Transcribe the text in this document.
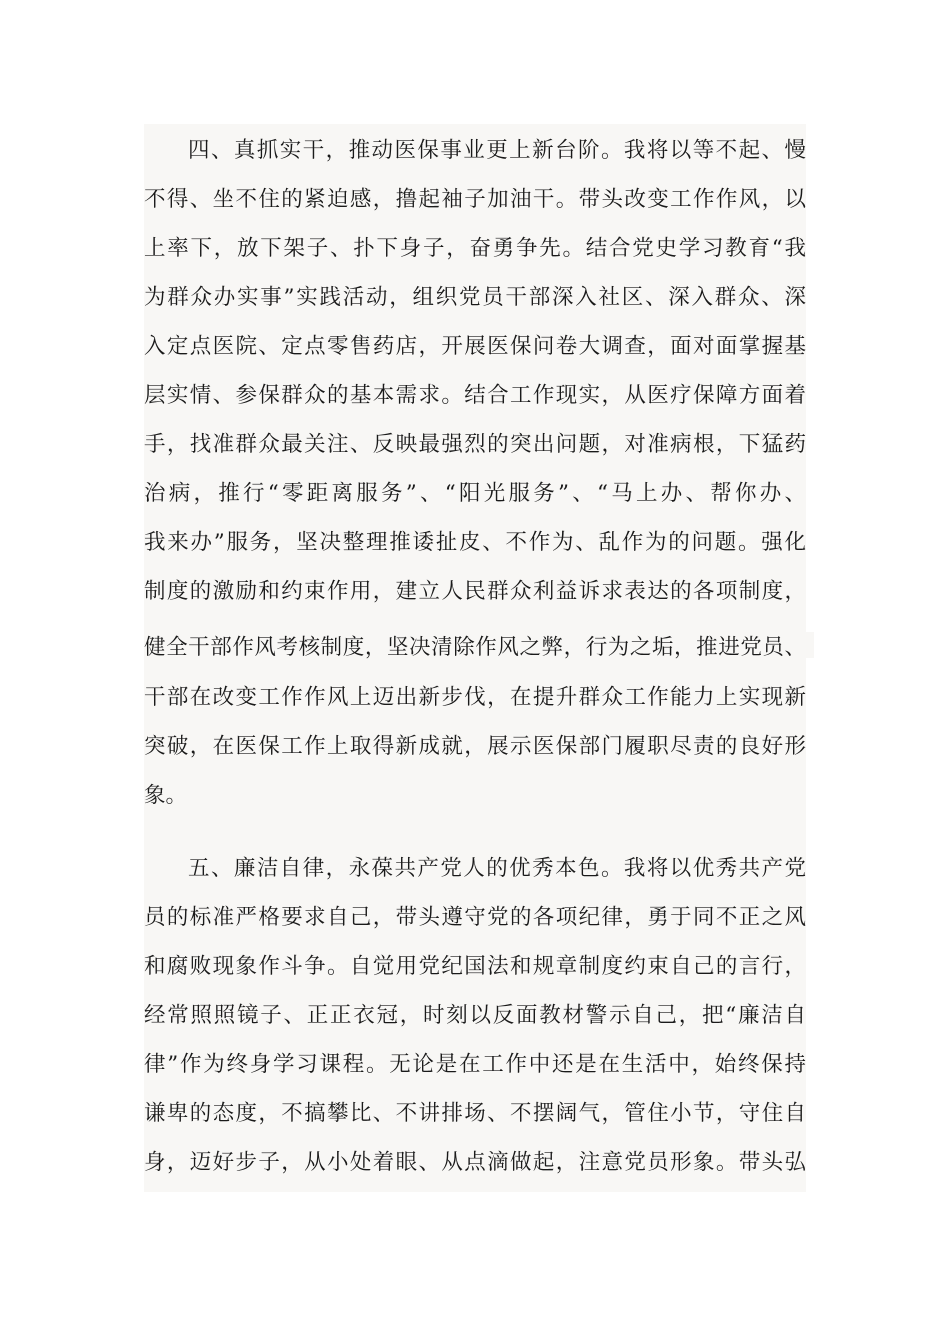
四、真抓实干，推动医保事业更上新台阶。我将以等不起、慢
不得、坐不住的紧迫感，撸起袖子加油干。带头改变工作作风，以
上率下，放下架子、扑下身子，奋勇争先。结合党史学习教育“我
为群众办实事”实践活动，组织党员干部深入社区、深入群众、深
入定点医院、定点零售药店，开展医保问卷大调查，面对面掌握基
层实情、参保群众的基本需求。结合工作现实，从医疗保障方面着
手，找准群众最关注、反映最强烈的突出问题，对准病根，下猛药
治病，推行“零距离服务”、“阳光服务”、“马上办、帮你办、
我来办”服务，坚决整理推诿扯皮、不作为、乱作为的问题。强化
制度的激励和约束作用，建立人民群众利益诉求表达的各项制度，
健全干部作风考核制度，坚决清除作风之弊，行为之垢，推进党员、
干部在改变工作作风上迈出新步伐，在提升群众工作能力上实现新
突破，在医保工作上取得新成就，展示医保部门履职尽责的良好形
象。
五、廉洁自律，永葆共产党人的优秀本色。我将以优秀共产党
员的标准严格要求自己，带头遵守党的各项纪律，勇于同不正之风
和腐败现象作斗争。自觉用党纪国法和规章制度约束自己的言行，
经常照照镜子、正正衣冠，时刻以反面教材警示自己，把“廉洁自
律”作为终身学习课程。无论是在工作中还是在生活中，始终保持
谦卑的态度，不搞攀比、不讲排场、不摆阔气，管住小节，守住自
身，迈好步子，从小处着眼、从点滴做起，注意党员形象。带头弘
